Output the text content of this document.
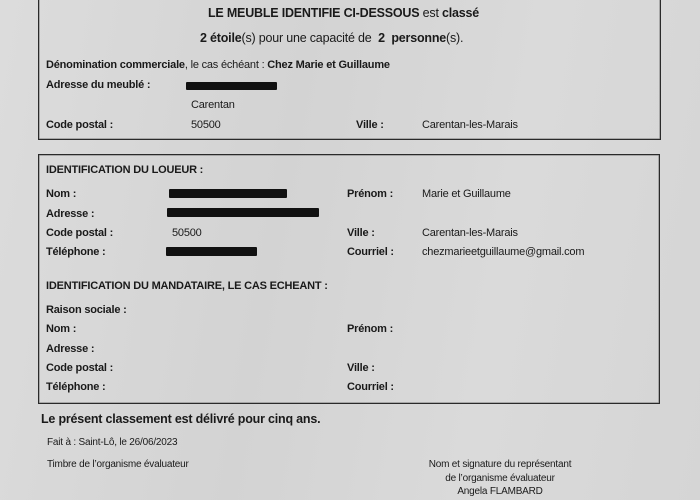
LE MEUBLE IDENTIFIE CI-DESSOUS est classé
2 étoile(s) pour une capacité de  2 personne(s).
Dénomination commerciale, le cas échéant : Chez Marie et Guillaume
Adresse du meublé :
Carentan
Code postal :	50500	Ville :	Carentan-les-Marais
IDENTIFICATION DU LOUEUR :
Nom :	Prénom :	Marie et Guillaume
Adresse :
Code postal :	50500	Ville :	Carentan-les-Marais
Téléphone :	Courriel :	chezmarieetguillaume@gmail.com
IDENTIFICATION DU MANDATAIRE, LE CAS ECHEANT :
Raison sociale :
Nom :	Prénom :
Adresse :
Code postal :	Ville :
Téléphone :	Courriel :
Le présent classement est délivré pour cinq ans.
Fait à : Saint-Lô, le 26/06/2023
Timbre de l’organisme évaluateur	Nom et signature du représentant
de l’organisme évaluateur
Angela FLAMBARD
